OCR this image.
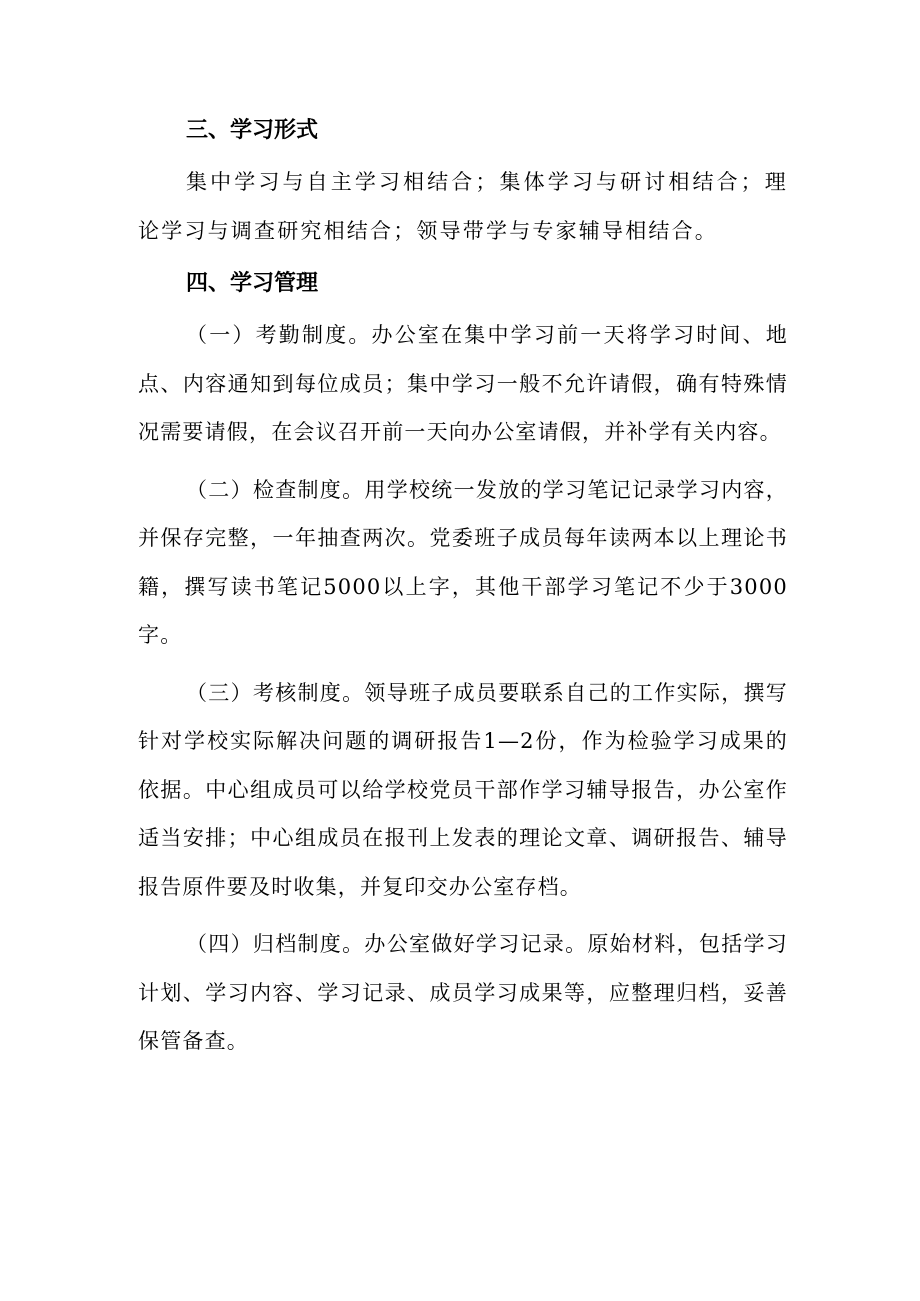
三、学习形式

集中学习与自主学习相结合；集体学习与研讨相结合；理论学习与调查研究相结合；领导带学与专家辅导相结合。

四、学习管理

（一）考勤制度。办公室在集中学习前一天将学习时间、地点、内容通知到每位成员；集中学习一般不允许请假，确有特殊情况需要请假，在会议召开前一天向办公室请假，并补学有关内容。

（二）检查制度。用学校统一发放的学习笔记记录学习内容，并保存完整，一年抽查两次。党委班子成员每年读两本以上理论书籍，撰写读书笔记5000以上字，其他干部学习笔记不少于3000字。

（三）考核制度。领导班子成员要联系自己的工作实际，撰写针对学校实际解决问题的调研报告1—2份，作为检验学习成果的依据。中心组成员可以给学校党员干部作学习辅导报告，办公室作适当安排；中心组成员在报刊上发表的理论文章、调研报告、辅导报告原件要及时收集，并复印交办公室存档。

（四）归档制度。办公室做好学习记录。原始材料，包括学习计划、学习内容、学习记录、成员学习成果等，应整理归档，妥善保管备查。
